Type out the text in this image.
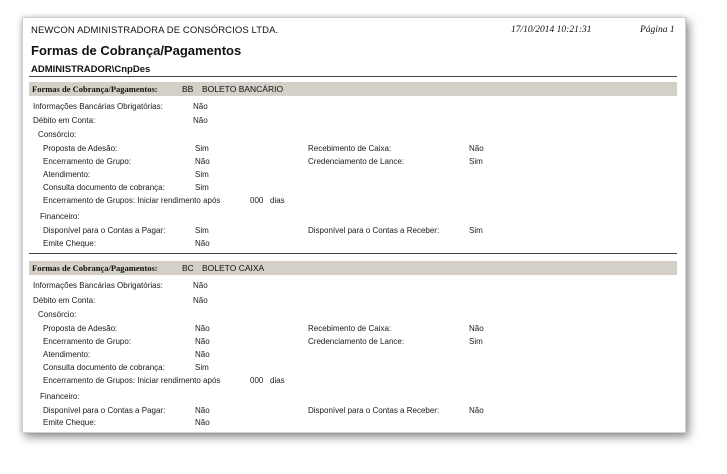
NEWCON ADMINISTRADORA DE CONSÓRCIOS LTDA.	17/10/2014 10:21:31	Página 1
Formas de Cobrança/Pagamentos
ADMINISTRADOR\CnpDes
Formas de Cobrança/Pagamentos:	BB BOLETO BANCÁRIO
Informações Bancárias Obrigatórias:	Não
Débito em Conta:	Não
Consórcio:
Proposta de Adesão:	Sim	Recebimento de Caixa:	Não
Encerramento de Grupo:	Não	Credenciamento de Lance:	Sim
Atendimento:	Sim
Consulta documento de cobrança:	Sim
Encerramento de Grupos: Iniciar rendimento após	000 dias
Financeiro:
Disponível para o Contas a Pagar:	Sim	Disponível para o Contas a Receber:	Sim
Emite Cheque:	Não
Formas de Cobrança/Pagamentos:	BC BOLETO CAIXA
Informações Bancárias Obrigatórias:	Não
Débito em Conta:	Não
Consórcio:
Proposta de Adesão:	Não	Recebimento de Caixa:	Não
Encerramento de Grupo:	Não	Credenciamento de Lance:	Sim
Atendimento:	Não
Consulta documento de cobrança:	Sim
Encerramento de Grupos: Iniciar rendimento após	000 dias
Financeiro:
Disponível para o Contas a Pagar:	Não	Disponível para o Contas a Receber:	Não
Emite Cheque:	Não
